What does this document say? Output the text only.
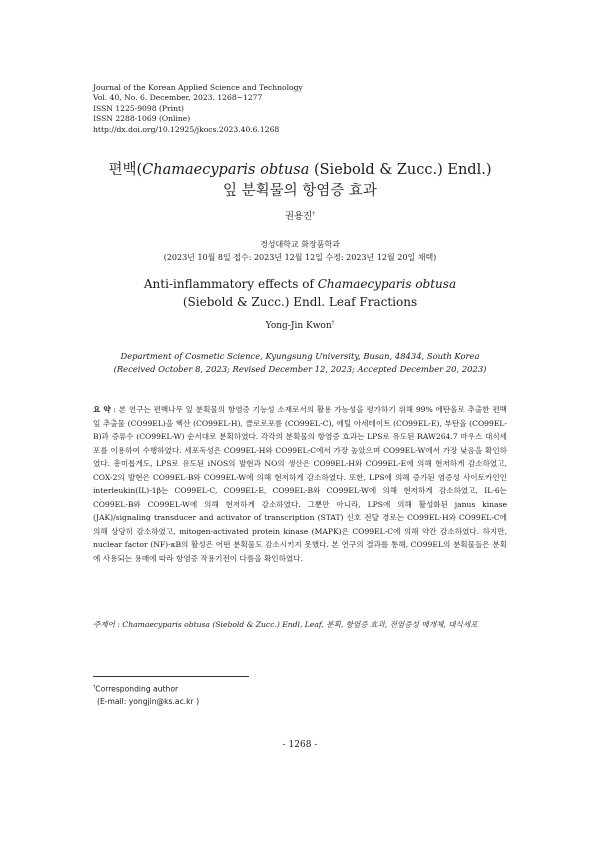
Journal of the Korean Applied Science and Technology
Vol. 40, No. 6. December, 2023. 1268~1277
ISSN 1225-9098 (Print)
ISSN 2288-1069 (Online)
http://dx.doi.org/10.12925/jkocs.2023.40.6.1268
편백(Chamaecyparis obtusa (Siebold & Zucc.) Endl.)
잎 분획물의 항염증 효과
권용진†
경성대학교 화장품학과
(2023년 10월 8일 접수: 2023년 12월 12일 수정: 2023년 12월 20일 채택)
Anti-inflammatory effects of Chamaecyparis obtusa
(Siebold & Zucc.) Endl. Leaf Fractions
Yong-Jin Kwon†
Department of Cosmetic Science, Kyungsung University, Busan, 48434, South Korea
(Received October 8, 2023; Revised December 12, 2023; Accepted December 20, 2023)
요 약 : 본 연구는 편백나무 잎 분획물의 항염증 기능성 소재로서의 활용 가능성을 평가하기 위해 99% 에탄올로 추출한 편백잎 추출물 (CO99EL)을 헥산 (CO99EL-H), 클로로포름 (CO99EL-C), 에틸 아세테이트 (CO99EL-E), 부탄올 (CO99EL-B)과 증류수 (CO99EL-W) 순서대로 분획하였다. 각각의 분획물의 항염증 효과는 LPS로 유도된 RAW264.7 마우스 대식세포를 이용하여 수행하였다. 세포독성은 CO99EL-H와 CO99EL-C에서 가장 높았으며 CO99EL-W에서 가장 낮음을 확인하였다. 흥미롭게도, LPS로 유도된 iNOS의 발현과 NO의 생산은 CO99EL-H와 CO99EL-E에 의해 현저하게 감소하였고, COX-2의 발현은 CO99EL-B와 CO99EL-W에 의해 현저하게 감소하였다. 또한, LPS에 의해 증가된 염증성 사이토카인인 interleukin(IL)-1β는 CO99EL-C, CO99EL-E, CO99EL-B와 CO99EL-W에 의해 현저하게 감소하였고, IL-6는 CO99EL-B와 CO99EL-W에 의해 현저하게 감소하였다. 그뿐만 아니라, LPS에 의해 활성화된 janus kinase (JAK)/signaling transducer and activator of transcription (STAT) 신호 전달 경로는 CO99EL-H와 CO99EL-C에 의해 상당히 감소하였고, mitogen-activated protein kinase (MAPK)은 CO99EL-C에 의해 약간 감소하였다. 하지만, nuclear factor (NF)-κB의 활성은 어떤 분획물도 감소시키지 못했다. 본 연구의 결과를 통해, CO99EL의 분획물들은 분획에 사용되는 용매에 따라 항염증 작용기전이 다름을 확인하였다.
주제어 : Chamaecyparis obtusa (Siebold & Zucc.) Endl, Leaf, 분획, 항염증 효과, 전염증성 매개체, 대식세포
†Corresponding author
(E-mail: yongjin@ks.ac.kr )
- 1268 -
